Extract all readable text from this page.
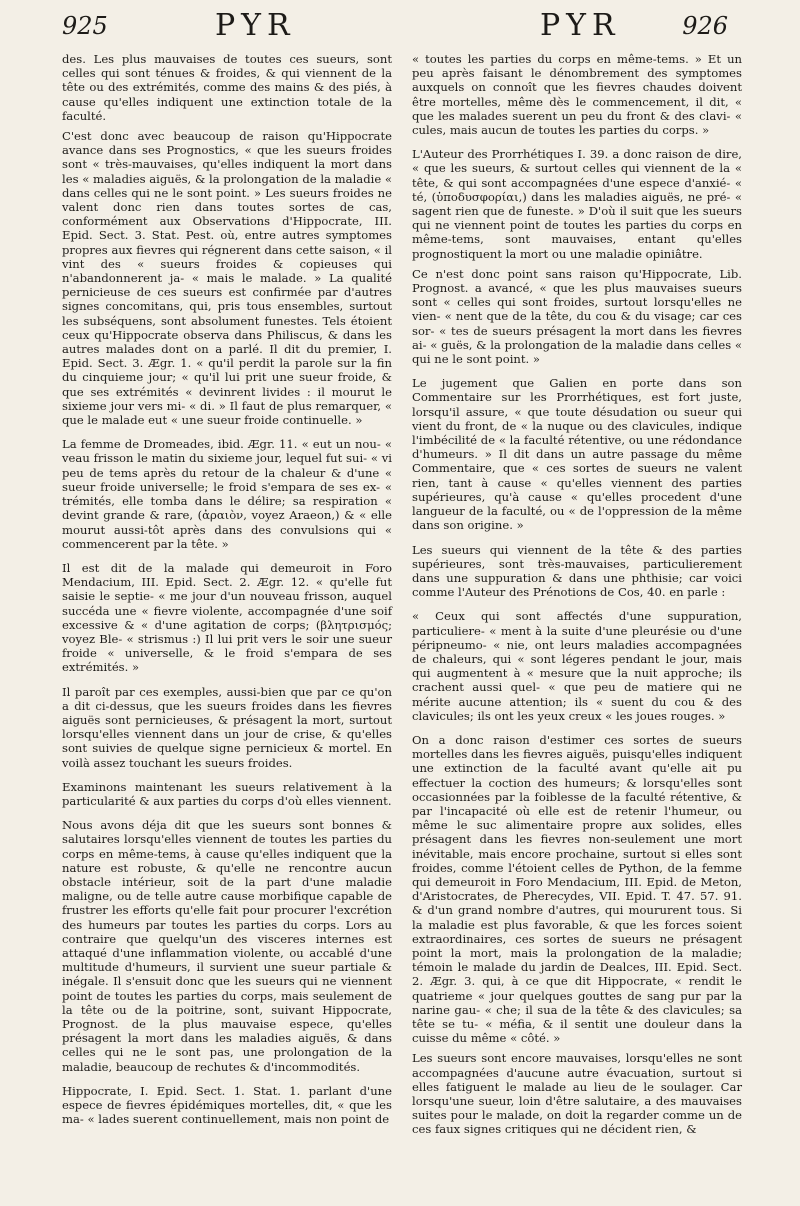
925	PYR	PYR	926

des. Les plus mauvaises de toutes ces sueurs, sont celles qui sont ténues & froides, & qui viennent de la tête ou des extrémités, comme des mains & des piés, à cause qu'elles indiquent une extinction totale de la faculté.

C'est donc avec beaucoup de raison qu'Hippocrate avance dans ses Prognostics, « que les sueurs froides sont « très-mauvaises, qu'elles indiquent la mort dans les « maladies aiguës, & la prolongation de la maladie « dans celles qui ne le sont point. » Les sueurs froides ne valent donc rien dans toutes sortes de cas, conformément aux Observations d'Hippocrate, III. Epid. Sect. 3. Stat. Pest. où, entre autres symptomes propres aux fievres qui régnerent dans cette saison, « il vint des « sueurs froides & copieuses qui n'abandonnerent ja- « mais le malade. » La qualité pernicieuse de ces sueurs est confirmée par d'autres signes concomitans, qui, pris tous ensembles, surtout les subséquens, sont absolument funestes. Tels étoient ceux qu'Hippocrate observa dans Philiscus, & dans les autres malades dont on a parlé. Il dit du premier, I. Epid. Sect. 3. Ægr. 1. « qu'il perdit la parole sur la fin du cinquieme jour; « qu'il lui prit une sueur froide, & que ses extrémités « devinrent livides : il mourut le sixieme jour vers mi- « di. » Il faut de plus remarquer, « que le malade eut « une sueur froide continuelle. »

La femme de Dromeades, ibid. Ægr. 11. « eut un nou- « veau frisson le matin du sixieme jour, lequel fut sui- « vi peu de tems après du retour de la chaleur & d'une « sueur froide universelle; le froid s'empara de ses ex- « trémités, elle tomba dans le délire; sa respiration « devint grande & rare, (ἀραιὸν, voyez Araeon,) & « elle mourut aussi-tôt après dans des convulsions qui « commencerent par la tête. »

Il est dit de la malade qui demeuroit in Foro Mendacium, III. Epid. Sect. 2. Ægr. 12. « qu'elle fut saisie le septie- « me jour d'un nouveau frisson, auquel succéda une « fievre violente, accompagnée d'une soif excessive & « d'une agitation de corps; (βλητρισμός; voyez Ble- « strismus :) Il lui prit vers le soir une sueur froide « universelle, & le froid s'empara de ses extrémités. »

Il paroît par ces exemples, aussi-bien que par ce qu'on a dit ci-dessus, que les sueurs froides dans les fievres aiguës sont pernicieuses, & présagent la mort, surtout lorsqu'elles viennent dans un jour de crise, & qu'elles sont suivies de quelque signe pernicieux & mortel. En voilà assez touchant les sueurs froides.

Examinons maintenant les sueurs relativement à la particularité & aux parties du corps d'où elles viennent.

Nous avons déja dit que les sueurs sont bonnes & salutaires lorsqu'elles viennent de toutes les parties du corps en même-tems, à cause qu'elles indiquent que la nature est robuste, & qu'elle ne rencontre aucun obstacle intérieur, soit de la part d'une maladie maligne, ou de telle autre cause morbifique capable de frustrer les efforts qu'elle fait pour procurer l'excrétion des humeurs par toutes les parties du corps. Lors au contraire que quelqu'un des visceres internes est attaqué d'une inflammation violente, ou accablé d'une multitude d'humeurs, il survient une sueur partiale & inégale. Il s'ensuit donc que les sueurs qui ne viennent point de toutes les parties du corps, mais seulement de la tête ou de la poitrine, sont, suivant Hippocrate, Prognost. de la plus mauvaise espece, qu'elles présagent la mort dans les maladies aiguës, & dans celles qui ne le sont pas, une prolongation de la maladie, beaucoup de rechutes & d'incommodités.

Hippocrate, I. Epid. Sect. 1. Stat. 1. parlant d'une espece de fievres épidémiques mortelles, dit, « que les ma- « lades suerent continuellement, mais non point de

« toutes les parties du corps en même-tems. » Et un peu après faisant le dénombrement des symptomes auxquels on connoît que les fievres chaudes doivent être mortelles, même dès le commencement, il dit, « que les malades suerent un peu du front & des clavi- « cules, mais aucun de toutes les parties du corps. »

L'Auteur des Prorrhétiques I. 39. a donc raison de dire, « que les sueurs, & surtout celles qui viennent de la « tête, & qui sont accompagnées d'une espece d'anxié- « té, (ὑποδυσφορίαι,) dans les maladies aiguës, ne pré- « sagent rien que de funeste. » D'où il suit que les sueurs qui ne viennent point de toutes les parties du corps en même-tems, sont mauvaises, entant qu'elles prognostiquent la mort ou une maladie opiniâtre.

Ce n'est donc point sans raison qu'Hippocrate, Lib. Prognost. a avancé, « que les plus mauvaises sueurs sont « celles qui sont froides, surtout lorsqu'elles ne vien- « nent que de la tête, du cou & du visage; car ces sor- « tes de sueurs présagent la mort dans les fievres ai- « guës, & la prolongation de la maladie dans celles « qui ne le sont point. »

Le jugement que Galien en porte dans son Commentaire sur les Prorrhétiques, est fort juste, lorsqu'il assure, « que toute désudation ou sueur qui vient du front, de « la nuque ou des clavicules, indique l'imbécilité de « la faculté rétentive, ou une rédondance d'humeurs. » Il dit dans un autre passage du même Commentaire, que « ces sortes de sueurs ne valent rien, tant à cause « qu'elles viennent des parties supérieures, qu'à cause « qu'elles procedent d'une langueur de la faculté, ou « de l'oppression de la même dans son origine. »

Les sueurs qui viennent de la tête & des parties supérieures, sont très-mauvaises, particulierement dans une suppuration & dans une phthisie; car voici comme l'Auteur des Prénotions de Cos, 40. en parle :

« Ceux qui sont affectés d'une suppuration, particuliere- « ment à la suite d'une pleurésie ou d'une péripneumo- « nie, ont leurs maladies accompagnées de chaleurs, qui « sont légeres pendant le jour, mais qui augmentent à « mesure que la nuit approche; ils crachent aussi quel- « que peu de matiere qui ne mérite aucune attention; ils « suent du cou & des clavicules; ils ont les yeux creux « les joues rouges. »

On a donc raison d'estimer ces sortes de sueurs mortelles dans les fievres aiguës, puisqu'elles indiquent une extinction de la faculté avant qu'elle ait pu effectuer la coction des humeurs; & lorsqu'elles sont occasionnées par la foiblesse de la faculté rétentive, & par l'incapacité où elle est de retenir l'humeur, ou même le suc alimentaire propre aux solides, elles présagent dans les fievres non-seulement une mort inévitable, mais encore prochaine, surtout si elles sont froides, comme l'étoient celles de Python, de la femme qui demeuroit in Foro Mendacium, III. Epid. de Meton, d'Aristocrates, de Pherecydes, VII. Epid. T. 47. 57. 91. & d'un grand nombre d'autres, qui moururent tous. Si la maladie est plus favorable, & que les forces soient extraordinaires, ces sortes de sueurs ne présagent point la mort, mais la prolongation de la maladie; témoin le malade du jardin de Dealces, III. Epid. Sect. 2. Ægr. 3. qui, à ce que dit Hippocrate, « rendit le quatrieme « jour quelques gouttes de sang pur par la narine gau- « che; il sua de la tête & des clavicules; sa tête se tu- « méfia, & il sentit une douleur dans la cuisse du même « côté. »

Les sueurs sont encore mauvaises, lorsqu'elles ne sont accompagnées d'aucune autre évacuation, surtout si elles fatiguent le malade au lieu de le soulager. Car lorsqu'une sueur, loin d'être salutaire, a des mauvaises suites pour le malade, on doit la regarder comme un de ces faux signes critiques qui ne décident rien, &
